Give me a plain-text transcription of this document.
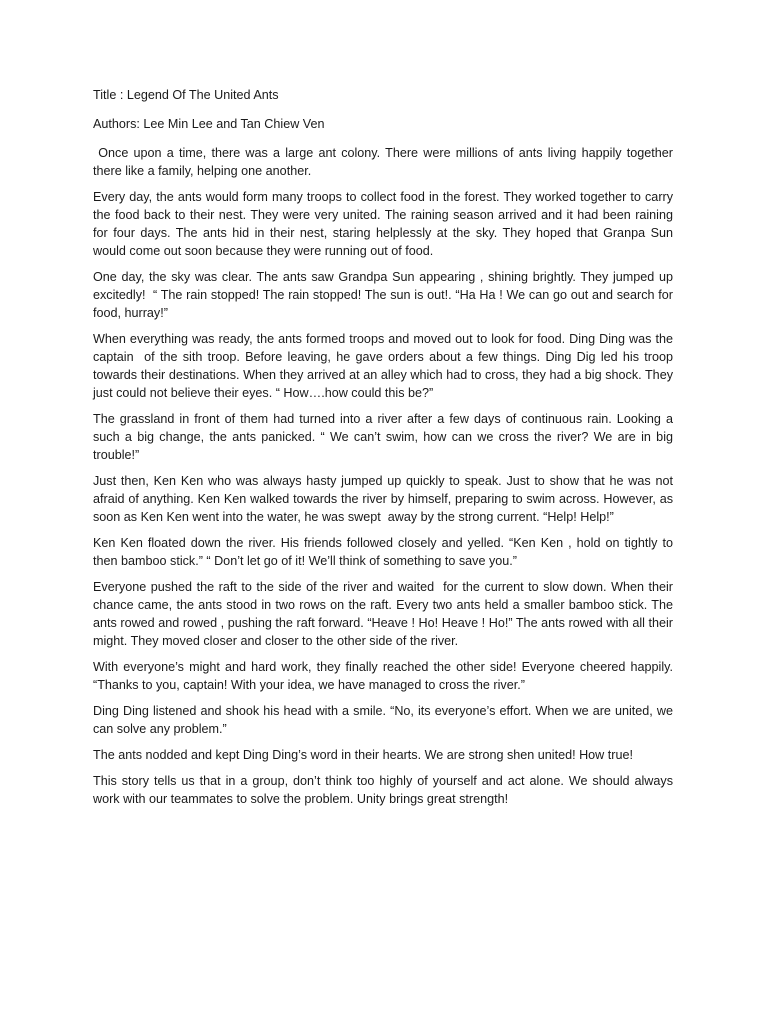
Title : Legend Of The United Ants

Authors: Lee Min Lee and Tan Chiew Ven

Once upon a time, there was a large ant colony. There were millions of ants living happily together there like a family, helping one another.

Every day, the ants would form many troops to collect food in the forest. They worked together to carry the food back to their nest. They were very united. The raining season arrived and it had been raining for four days. The ants hid in their nest, staring helplessly at the sky. They hoped that Granpa Sun would come out soon because they were running out of food.

One day, the sky was clear. The ants saw Grandpa Sun appearing , shining brightly. They jumped up excitedly!  “ The rain stopped! The rain stopped! The sun is out!. “Ha Ha ! We can go out and search for food, hurray!”

When everything was ready, the ants formed troops and moved out to look for food. Ding Ding was the captain  of the sith troop. Before leaving, he gave orders about a few things. Ding Dig led his troop towards their destinations. When they arrived at an alley which had to cross, they had a big shock. They just could not believe their eyes. “ How….how could this be?”

The grassland in front of them had turned into a river after a few days of continuous rain. Looking a such a big change, the ants panicked. “ We can’t swim, how can we cross the river? We are in big trouble!”

Just then, Ken Ken who was always hasty jumped up quickly to speak. Just to show that he was not afraid of anything. Ken Ken walked towards the river by himself, preparing to swim across. However, as soon as Ken Ken went into the water, he was swept  away by the strong current. “Help! Help!”

Ken Ken floated down the river. His friends followed closely and yelled. “Ken Ken , hold on tightly to then bamboo stick.” “ Don’t let go of it! We’ll think of something to save you.”

Everyone pushed the raft to the side of the river and waited  for the current to slow down. When their chance came, the ants stood in two rows on the raft. Every two ants held a smaller bamboo stick. The ants rowed and rowed , pushing the raft forward. “Heave ! Ho! Heave ! Ho!” The ants rowed with all their might. They moved closer and closer to the other side of the river.

With everyone’s might and hard work, they finally reached the other side! Everyone cheered happily. “Thanks to you, captain! With your idea, we have managed to cross the river.”

Ding Ding listened and shook his head with a smile. “No, its everyone’s effort. When we are united, we can solve any problem.”

The ants nodded and kept Ding Ding’s word in their hearts. We are strong shen united! How true!

This story tells us that in a group, don’t think too highly of yourself and act alone. We should always work with our teammates to solve the problem. Unity brings great strength!
